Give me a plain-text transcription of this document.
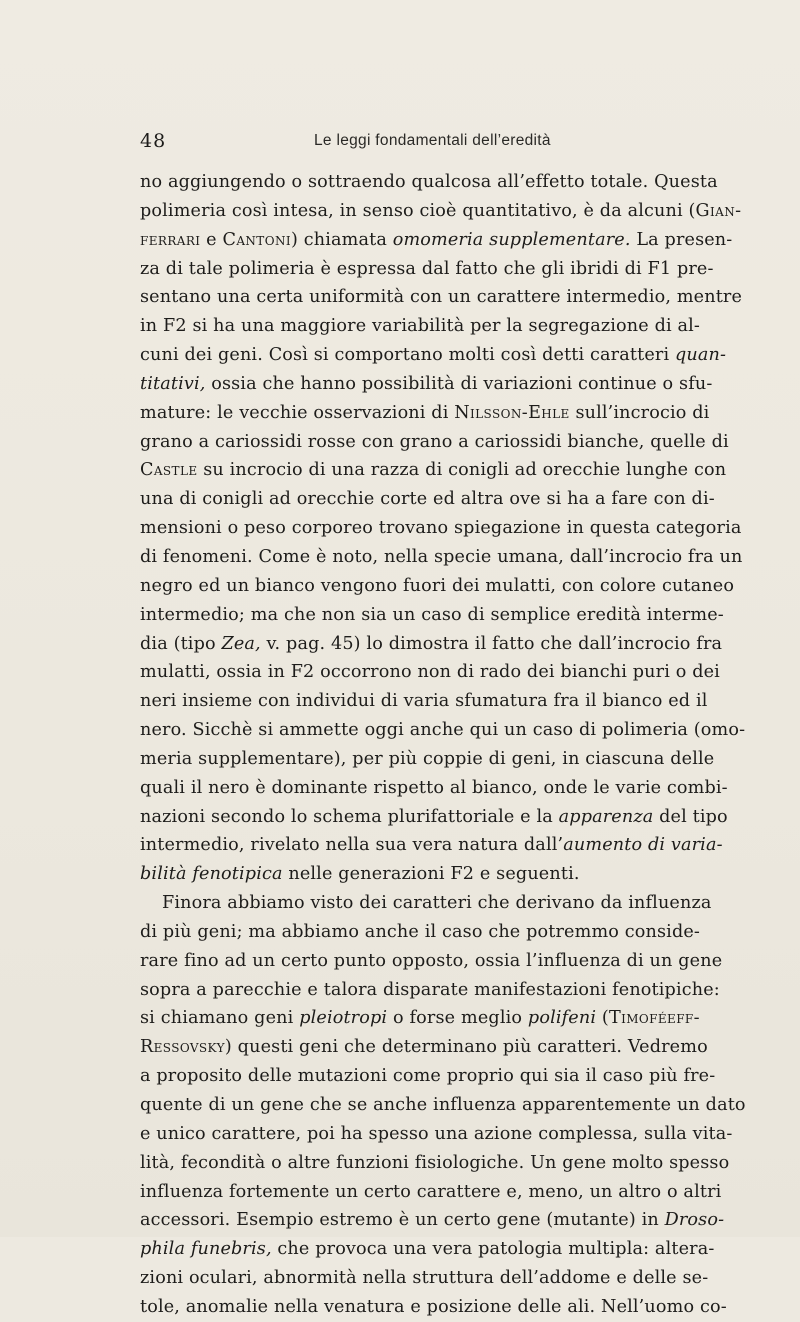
48	Le leggi fondamentali dell’eredità
no aggiungendo o sottraendo qualcosa all’effetto totale. Questa
polimeria così intesa, in senso cioè quantitativo, è da alcuni (Gian-
ferrari e Cantoni) chiamata omomeria supplementare. La presen-
za di tale polimeria è espressa dal fatto che gli ibridi di F1 pre-
sentano una certa uniformità con un carattere intermedio, mentre
in F2 si ha una maggiore variabilità per la segregazione di al-
cuni dei geni. Così si comportano molti così detti caratteri quan-
titativi, ossia che hanno possibilità di variazioni continue o sfu-
mature: le vecchie osservazioni di Nilsson-Ehle sull’incrocio di
grano a cariossidi rosse con grano a cariossidi bianche, quelle di
Castle su incrocio di una razza di conigli ad orecchie lunghe con
una di conigli ad orecchie corte ed altra ove si ha a fare con di-
mensioni o peso corporeo trovano spiegazione in questa categoria
di fenomeni. Come è noto, nella specie umana, dall’incrocio fra un
negro ed un bianco vengono fuori dei mulatti, con colore cutaneo
intermedio; ma che non sia un caso di semplice eredità interme-
dia (tipo Zea, v. pag. 45) lo dimostra il fatto che dall’incrocio fra
mulatti, ossia in F2 occorrono non di rado dei bianchi puri o dei
neri insieme con individui di varia sfumatura fra il bianco ed il
nero. Sicchè si ammette oggi anche qui un caso di polimeria (omo-
meria supplementare), per più coppie di geni, in ciascuna delle
quali il nero è dominante rispetto al bianco, onde le varie combi-
nazioni secondo lo schema plurifattoriale e la apparenza del tipo
intermedio, rivelato nella sua vera natura dall’aumento di varia-
bilità fenotipica nelle generazioni F2 e seguenti.
Finora abbiamo visto dei caratteri che derivano da influenza
di più geni; ma abbiamo anche il caso che potremmo conside-
rare fino ad un certo punto opposto, ossia l’influenza di un gene
sopra a parecchie e talora disparate manifestazioni fenotipiche:
si chiamano geni pleiotropi o forse meglio polifeni (Timoféeff-
Ressovsky) questi geni che determinano più caratteri. Vedremo
a proposito delle mutazioni come proprio qui sia il caso più fre-
quente di un gene che se anche influenza apparentemente un dato
e unico carattere, poi ha spesso una azione complessa, sulla vita-
lità, fecondità o altre funzioni fisiologiche. Un gene molto spesso
influenza fortemente un certo carattere e, meno, un altro o altri
accessori. Esempio estremo è un certo gene (mutante) in Droso-
phila funebris, che provoca una vera patologia multipla: altera-
zioni oculari, abnormità nella struttura dell’addome e delle se-
tole, anomalie nella venatura e posizione delle ali. Nell’uomo co-
